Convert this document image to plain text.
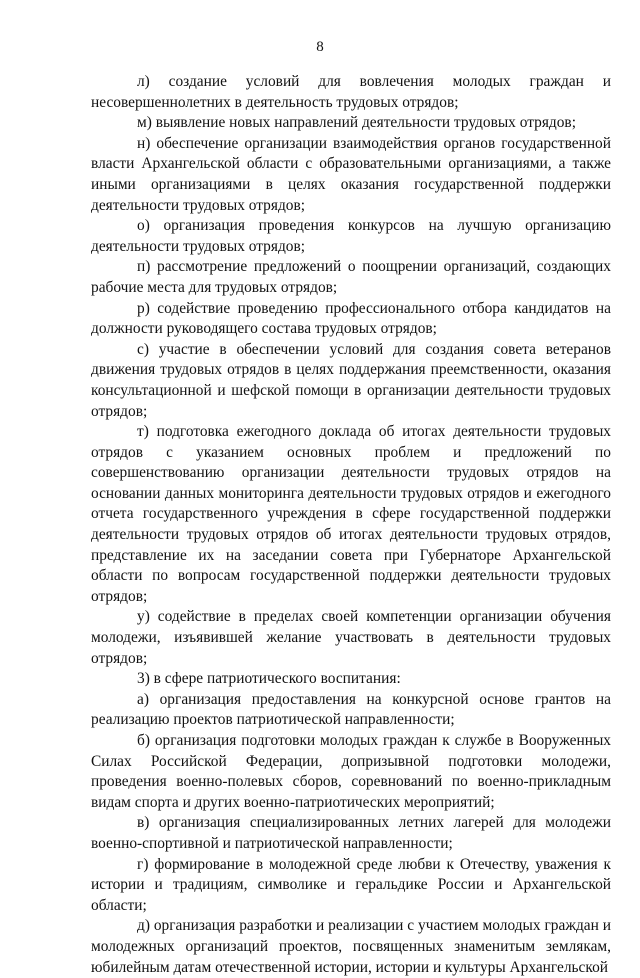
8

л) создание условий для вовлечения молодых граждан и несовершеннолетних в деятельность трудовых отрядов;

м) выявление новых направлений деятельности трудовых отрядов;

н) обеспечение организации взаимодействия органов государственной власти Архангельской области с образовательными организациями, а также иными организациями в целях оказания государственной поддержки деятельности трудовых отрядов;

о) организация проведения конкурсов на лучшую организацию деятельности трудовых отрядов;

п) рассмотрение предложений о поощрении организаций, создающих рабочие места для трудовых отрядов;

р) содействие проведению профессионального отбора кандидатов на должности руководящего состава трудовых отрядов;

с) участие в обеспечении условий для создания совета ветеранов движения трудовых отрядов в целях поддержания преемственности, оказания консультационной и шефской помощи в организации деятельности трудовых отрядов;

т) подготовка ежегодного доклада об итогах деятельности трудовых отрядов с указанием основных проблем и предложений по совершенствованию организации деятельности трудовых отрядов на основании данных мониторинга деятельности трудовых отрядов и ежегодного отчета государственного учреждения в сфере государственной поддержки деятельности трудовых отрядов об итогах деятельности трудовых отрядов, представление их на заседании совета при Губернаторе Архангельской области по вопросам государственной поддержки деятельности трудовых отрядов;

у) содействие в пределах своей компетенции организации обучения молодежи, изъявившей желание участвовать в деятельности трудовых отрядов;

3) в сфере патриотического воспитания:

а) организация предоставления на конкурсной основе грантов на реализацию проектов патриотической направленности;

б) организация подготовки молодых граждан к службе в Вооруженных Силах Российской Федерации, допризывной подготовки молодежи, проведения военно-полевых сборов, соревнований по военно-прикладным видам спорта и других военно-патриотических мероприятий;

в) организация специализированных летних лагерей для молодежи военно-спортивной и патриотической направленности;

г) формирование в молодежной среде любви к Отечеству, уважения к истории и традициям, символике и геральдике России и Архангельской области;

д) организация разработки и реализации с участием молодых граждан и молодежных организаций проектов, посвященных знаменитым землякам, юбилейным датам отечественной истории, истории и культуры Архангельской
